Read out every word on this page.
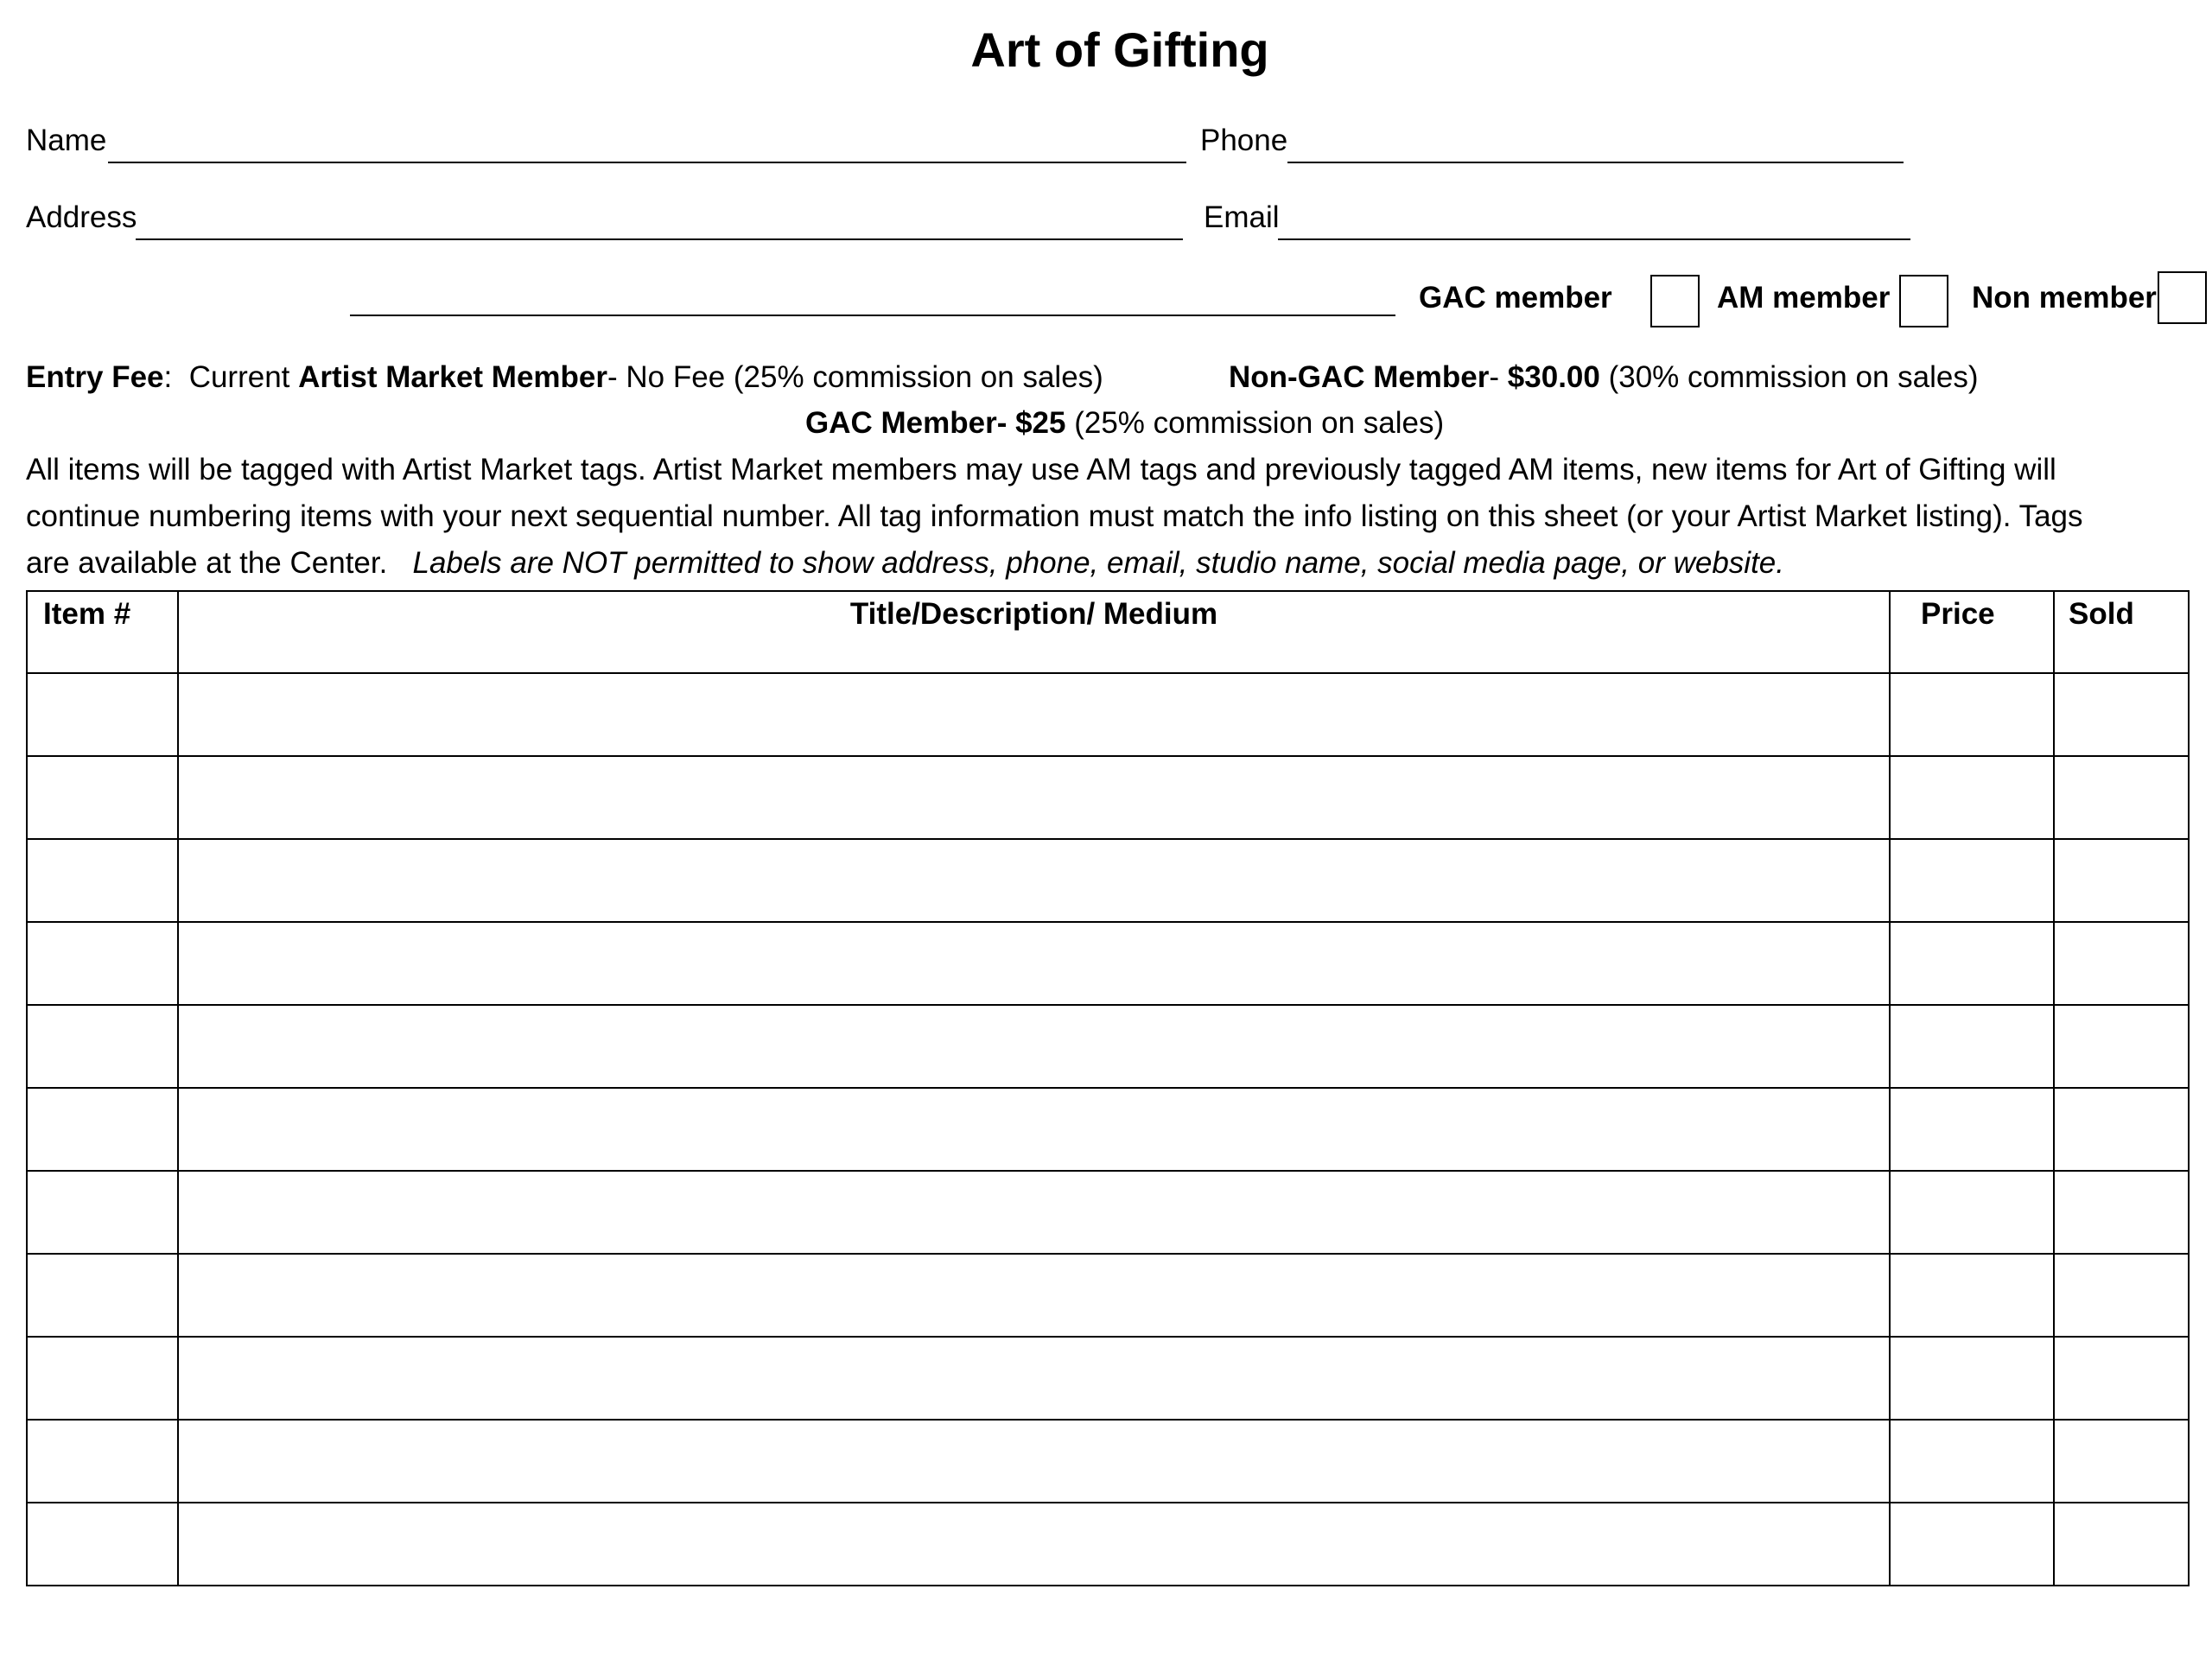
Art of Gifting
Name	Phone
Address	Email
GAC member	AM member	Non member
Entry Fee: Current Artist Market Member- No Fee (25% commission on sales)	Non-GAC Member- $30.00 (30% commission on sales)
GAC Member- $25 (25% commission on sales)
All items will be tagged with Artist Market tags. Artist Market members may use AM tags and previously tagged AM items, new items for Art of Gifting will
continue numbering items with your next sequential number. All tag information must match the info listing on this sheet (or your Artist Market listing). Tags
are available at the Center.   Labels are NOT permitted to show address, phone, email, studio name, social media page, or website.
Item #	Title/Description/ Medium	Price	Sold
